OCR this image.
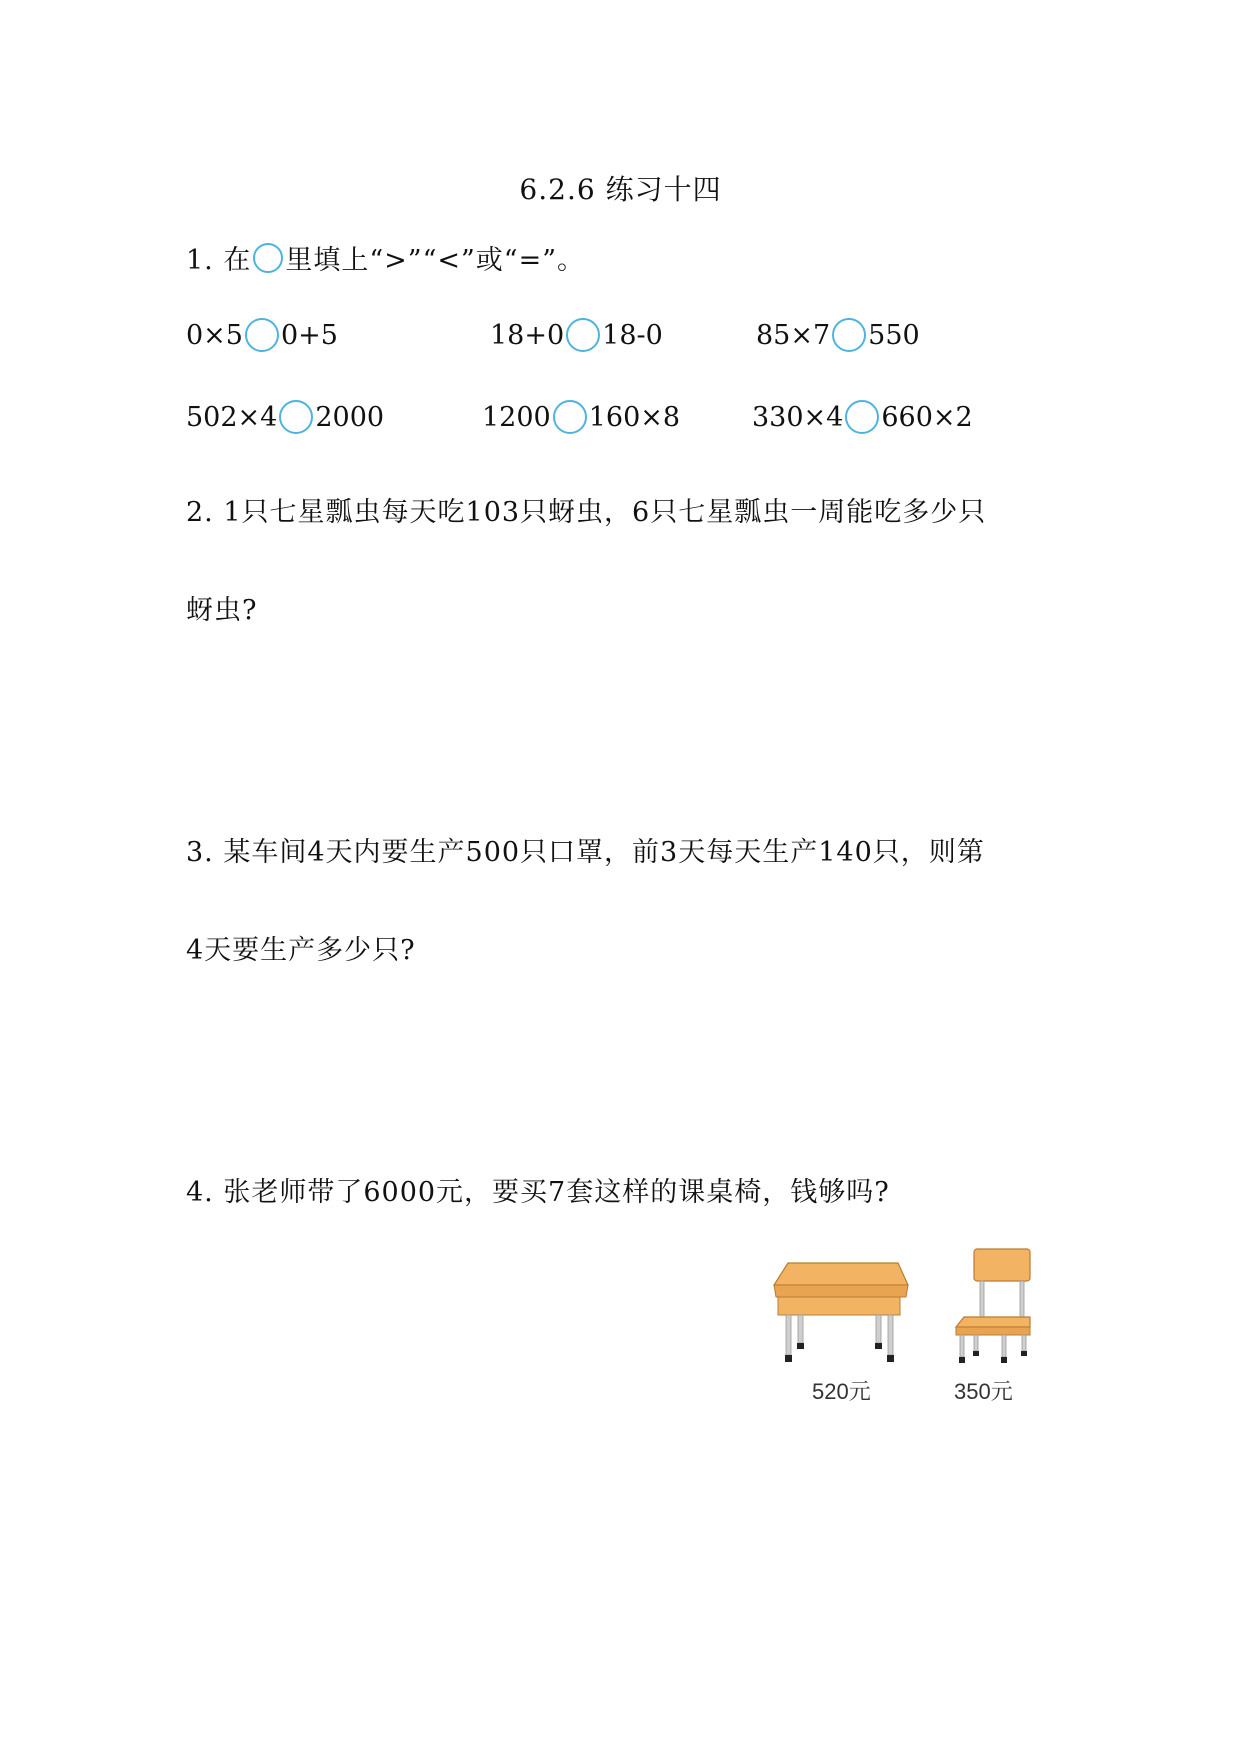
6.2.6 练习十四
1. 在 里填上“>”“<”或“=”。
0×5 0+5	18+0 18-0	85×7 550
502×4 2000	1200 160×8	330×4 660×2
2. 1只七星瓢虫每天吃103只蚜虫，6只七星瓢虫一周能吃多少只
蚜虫?
3. 某车间4天内要生产500只口罩，前3天每天生产140只，则第
4天要生产多少只?
4. 张老师带了6000元，要买7套这样的课桌椅，钱够吗?
520元	350元
